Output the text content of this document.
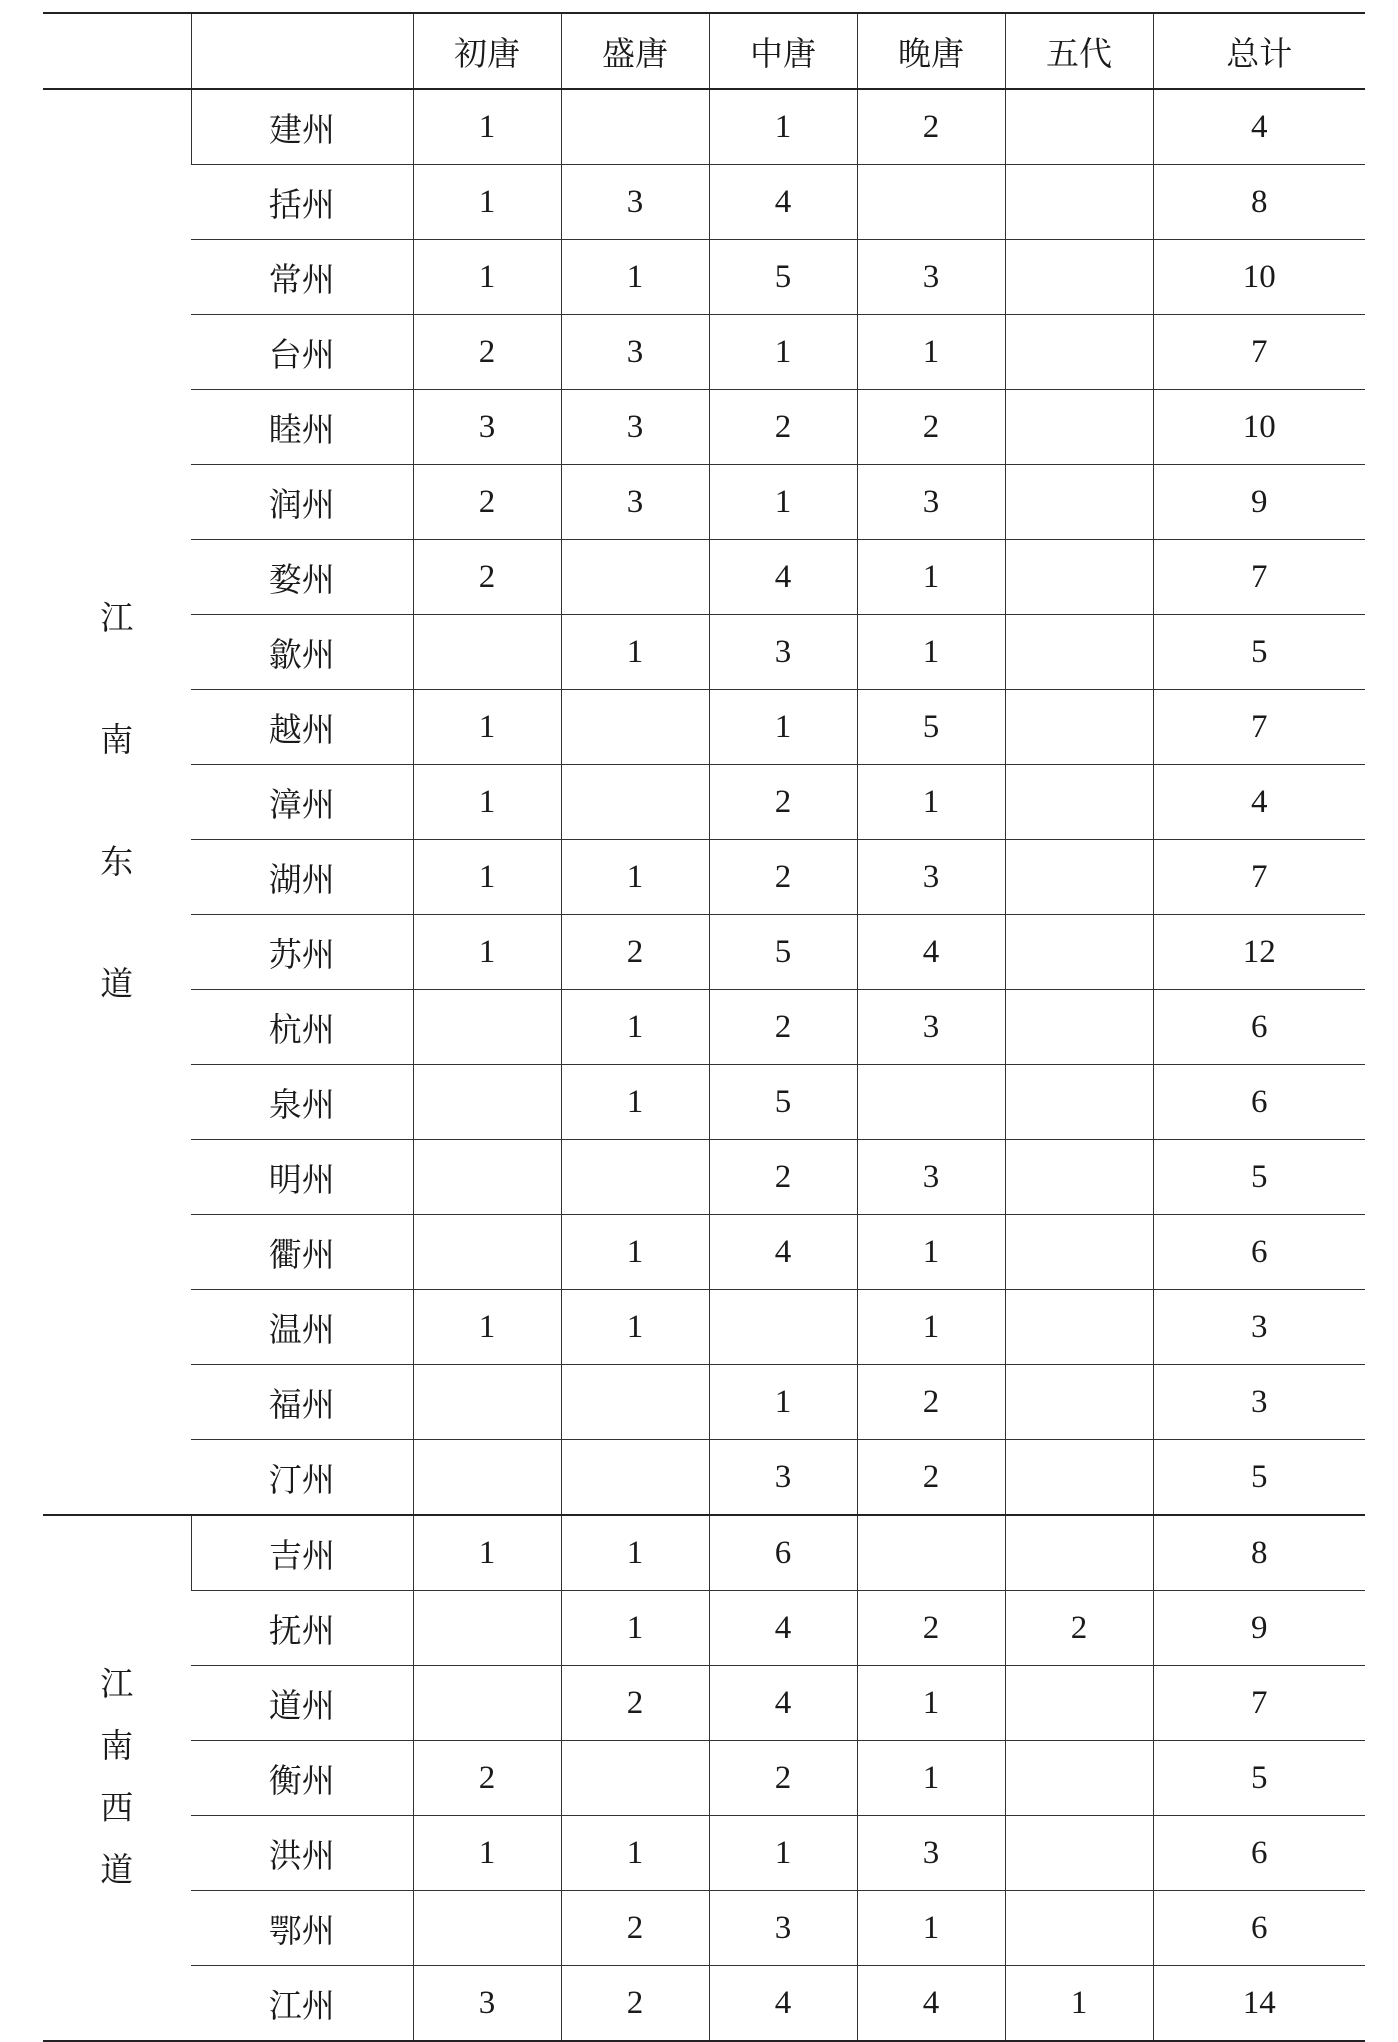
		初唐	盛唐	中唐	晚唐	五代	总计

江
南
东
道	建州	1		1	2		4
	括州	1	3	4			8
	常州	1	1	5	3		10
	台州	2	3	1	1		7
	睦州	3	3	2	2		10
	润州	2	3	1	3		9
	婺州	2		4	1		7
	歙州		1	3	1		5
	越州	1		1	5		7
	漳州	1		2	1		4
	湖州	1	1	2	3		7
	苏州	1	2	5	4		12
	杭州		1	2	3		6
	泉州		1	5			6
	明州			2	3		5
	衢州		1	4	1		6
	温州	1	1		1		3
	福州			1	2		3
	汀州			3	2		5

江
南
西
道	吉州	1	1	6			8
	抚州		1	4	2	2	9
	道州		2	4	1		7
	衡州	2		2	1		5
	洪州	1	1	1	3		6
	鄂州		2	3	1		6
	江州	3	2	4	4	1	14
